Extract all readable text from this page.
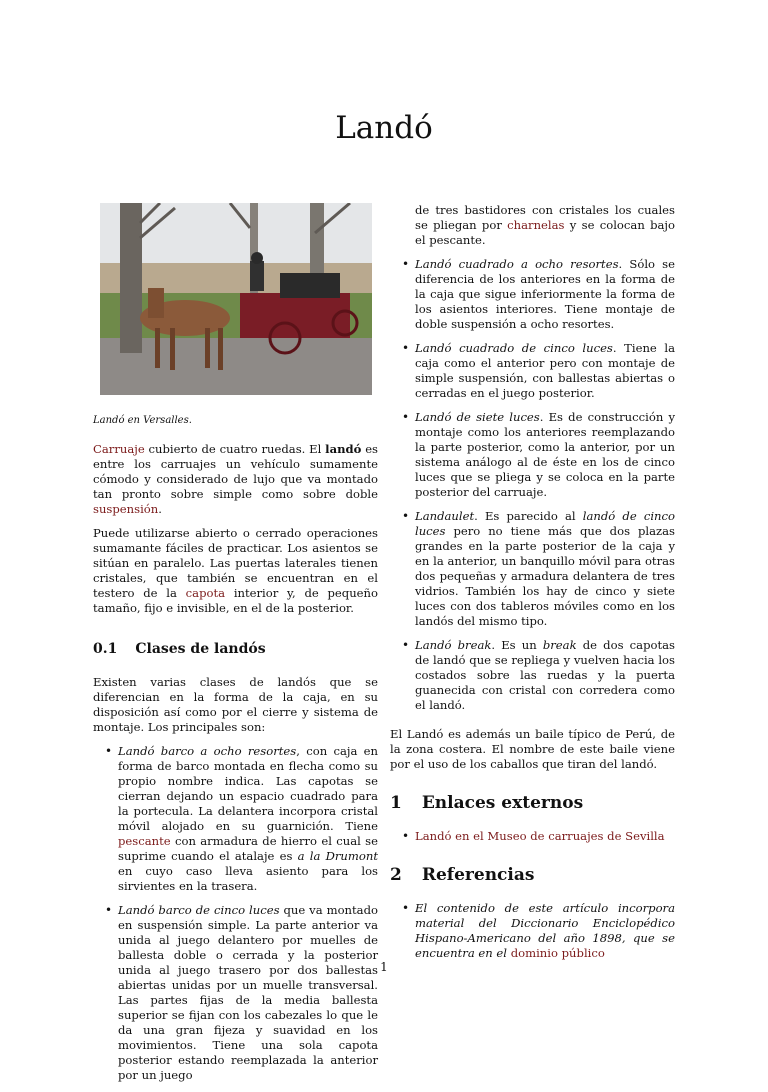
Landó
Landó en Versalles.

Carruaje cubierto de cuatro ruedas. El landó es entre los carruajes un vehículo sumamente cómodo y considerado de lujo que va montado tan pronto sobre simple como sobre doble suspensión.

Puede utilizarse abierto o cerrado operaciones sumamante fáciles de practicar. Los asientos se sitúan en paralelo. Las puertas laterales tienen cristales, que también se encuentran en el testero de la capota interior y, de pequeño tamaño, fijo e invisible, en el de la posterior.

0.1 Clases de landós

Existen varias clases de landós que se diferencian en la forma de la caja, en su disposición así como por el cierre y sistema de montaje. Los principales son:

• Landó barco a ocho resortes, con caja en forma de barco montada en flecha como su propio nombre indica. Las capotas se cierran dejando un espacio cuadrado para la portecula. La delantera incorpora cristal móvil alojado en su guarnición. Tiene pescante con armadura de hierro el cual se suprime cuando el atalaje es a la Drumont en cuyo caso lleva asiento para los sirvientes en la trasera.
• Landó barco de cinco luces que va montado en suspensión simple. La parte anterior va unida al juego delantero por muelles de ballesta doble o cerrada y la posterior unida al juego trasero por dos ballestas abiertas unidas por un muelle transversal. Las partes fijas de la media ballesta superior se fijan con los cabezales lo que le da una gran fijeza y suavidad en los movimientos. Tiene una sola capota posterior estando reemplazada la anterior por un juego
de tres bastidores con cristales los cuales se pliegan por charnelas y se colocan bajo el pescante.
• Landó cuadrado a ocho resortes. Sólo se diferencia de los anteriores en la forma de la caja que sigue inferiormente la forma de los asientos interiores. Tiene montaje de doble suspensión a ocho resortes.
• Landó cuadrado de cinco luces. Tiene la caja como el anterior pero con montaje de simple suspensión, con ballestas abiertas o cerradas en el juego posterior.
• Landó de siete luces. Es de construcción y montaje como los anteriores reemplazando la parte posterior, como la anterior, por un sistema análogo al de éste en los de cinco luces que se pliega y se coloca en la parte posterior del carruaje.
• Landaulet. Es parecido al landó de cinco luces pero no tiene más que dos plazas grandes en la parte posterior de la caja y en la anterior, un banquillo móvil para otras dos pequeñas y armadura delantera de tres vidrios. También los hay de cinco y siete luces con dos tableros móviles como en los landós del mismo tipo.
• Landó break. Es un break de dos capotas de landó que se repliega y vuelven hacia los costados sobre las ruedas y la puerta guanecida con cristal con corredera como el landó.

El Landó es además un baile típico de Perú, de la zona costera. El nombre de este baile viene por el uso de los caballos que tiran del landó.

1 Enlaces externos
• Landó en el Museo de carruajes de Sevilla
2 Referencias
• El contenido de este artículo incorpora material del Diccionario Enciclopédico Hispano-Americano del año 1898, que se encuentra en el dominio público
1
